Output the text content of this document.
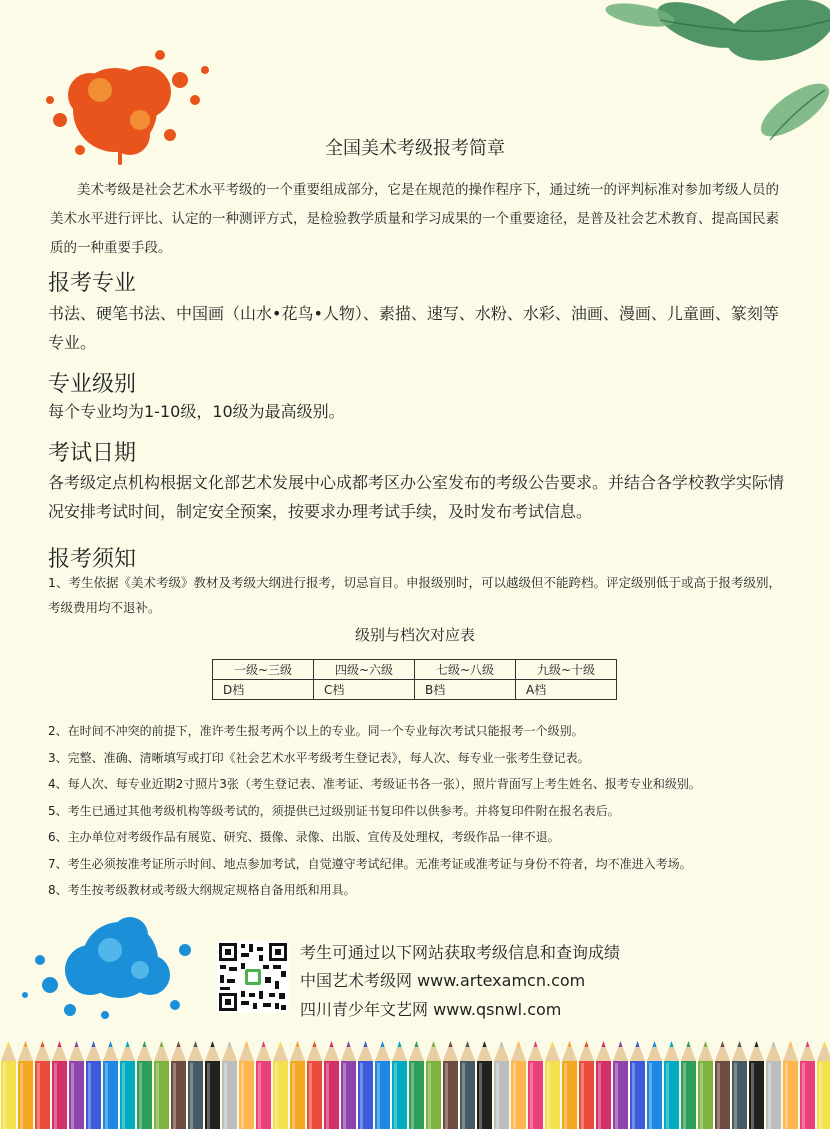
全国美术考级报考简章

美术考级是社会艺术水平考级的一个重要组成部分，它是在规范的操作程序下，通过统一的评判标准对参加考级人员的美术水平进行评比、认定的一种测评方式，是检验教学质量和学习成果的一个重要途径，是普及社会艺术教育、提高国民素质的一种重要手段。

报考专业

书法、硬笔书法、中国画（山水•花鸟•人物）、素描、速写、水粉、水彩、油画、漫画、儿童画、篆刻等专业。

专业级别

每个专业均为1-10级，10级为最高级别。

考试日期

各考级定点机构根据文化部艺术发展中心成都考区办公室发布的考级公告要求。并结合各学校教学实际情况安排考试时间，制定安全预案，按要求办理考试手续，及时发布考试信息。

报考须知

1、考生依据《美术考级》教材及考级大纲进行报考，切忌盲目。申报级别时，可以越级但不能跨档。评定级别低于或高于报考级别，考级费用均不退补。

级别与档次对应表
一级~三级	四级~六级	七级~八级	九级~十级
D档	C档	B档	A档
2、在时间不冲突的前提下，准许考生报考两个以上的专业。同一个专业每次考试只能报考一个级别。
3、完整、准确、清晰填写或打印《社会艺术水平考级考生登记表》，每人次、每专业一张考生登记表。
4、每人次、每专业近期2寸照片3张（考生登记表、准考证、考级证书各一张），照片背面写上考生姓名、报考专业和级别。
5、考生已通过其他考级机构等级考试的，须提供已过级别证书复印件以供参考。并将复印件附在报名表后。
6、主办单位对考级作品有展览、研究、摄像、录像、出版、宣传及处理权，考级作品一律不退。
7、考生必须按准考证所示时间、地点参加考试，自觉遵守考试纪律。无准考证或准考证与身份不符者，均不准进入考场。
8、考生按考级教材或考级大纲规定规格自备用纸和用具。
考生可通过以下网站获取考级信息和查询成绩
中国艺术考级网 www.artexamcn.com
四川青少年文艺网 www.qsnwl.com
